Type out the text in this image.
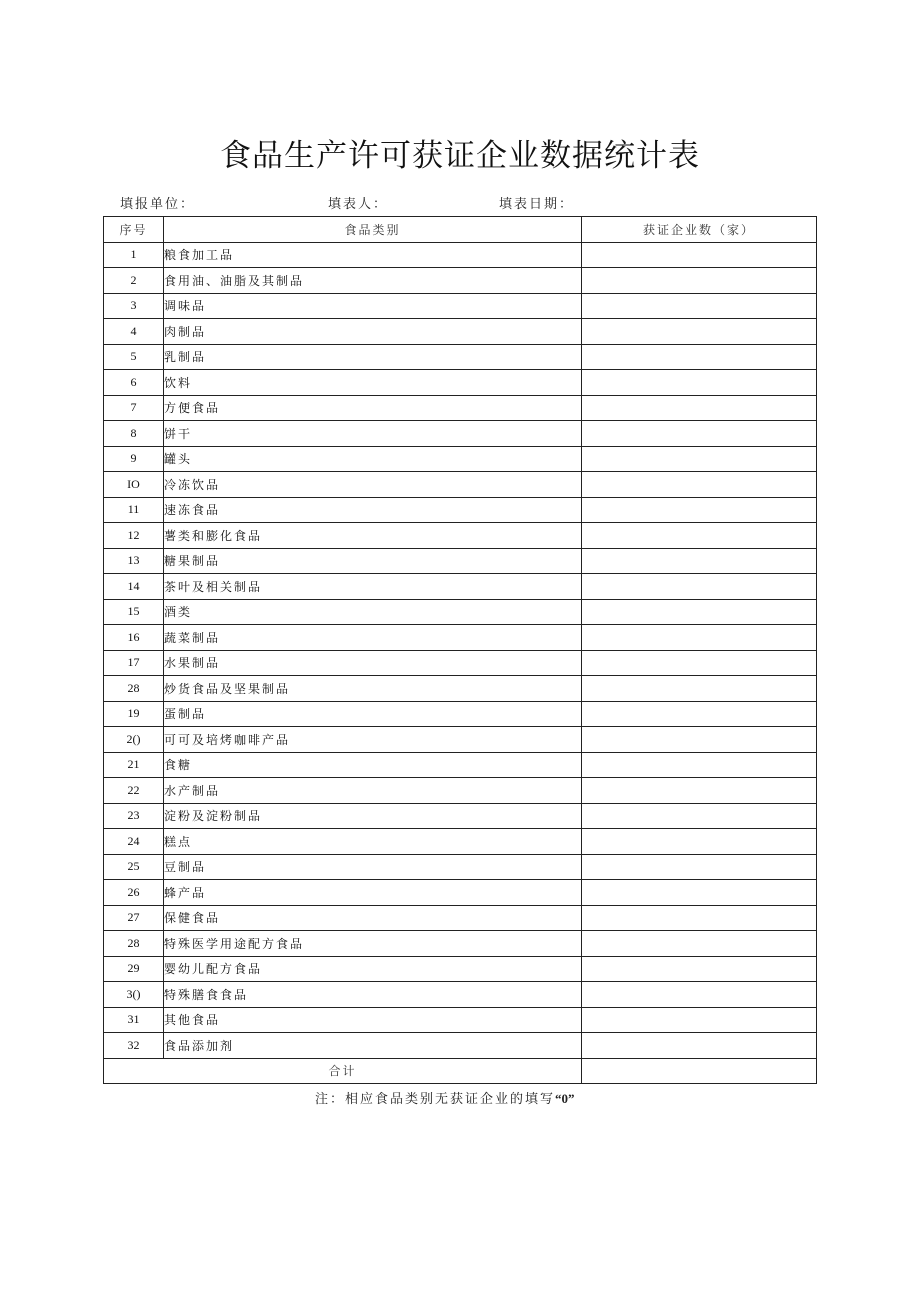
食品生产许可获证企业数据统计表
填报单位：	填表人：	填表日期：
序号	食品类别	获证企业数（家）
1	粮食加工品	
2	食用油、油脂及其制品	
3	调味品	
4	肉制品	
5	乳制品	
6	饮料	
7	方便食品	
8	饼干	
9	罐头	
IO	冷冻饮品	
11	速冻食品	
12	薯类和膨化食品	
13	糖果制品	
14	茶叶及相关制品	
15	酒类	
16	蔬菜制品	
17	水果制品	
28	炒货食品及坚果制品	
19	蛋制品	
2()	可可及培烤咖啡产品	
21	食糖	
22	水产制品	
23	淀粉及淀粉制品	
24	糕点	
25	豆制品	
26	蜂产品	
27	保健食品	
28	特殊医学用途配方食品	
29	婴幼儿配方食品	
3()	特殊膳食食品	
31	其他食品	
32	食品添加剂	
合计		
注：相应食品类别无获证企业的填写“0”
